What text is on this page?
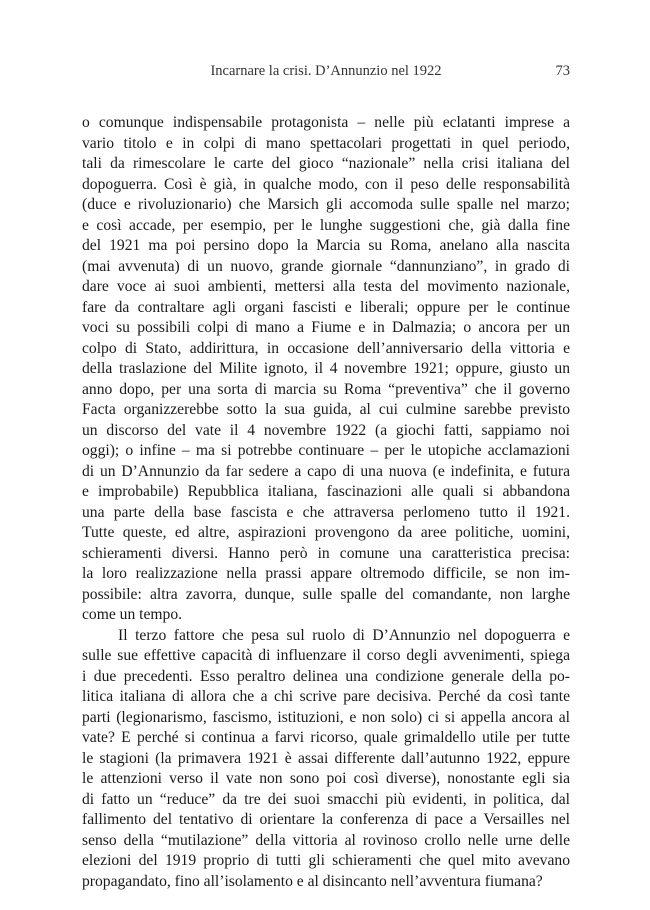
Incarnare la crisi. D’Annunzio nel 1922	73
o comunque indispensabile protagonista – nelle più eclatanti imprese a
vario titolo e in colpi di mano spettacolari progettati in quel periodo,
tali da rimescolare le carte del gioco “nazionale” nella crisi italiana del
dopoguerra. Così è già, in qualche modo, con il peso delle responsabilità
(duce e rivoluzionario) che Marsich gli accomoda sulle spalle nel marzo;
e così accade, per esempio, per le lunghe suggestioni che, già dalla fine
del 1921 ma poi persino dopo la Marcia su Roma, anelano alla nascita
(mai avvenuta) di un nuovo, grande giornale “dannunziano”, in grado di
dare voce ai suoi ambienti, mettersi alla testa del movimento nazionale,
fare da contraltare agli organi fascisti e liberali; oppure per le continue
voci su possibili colpi di mano a Fiume e in Dalmazia; o ancora per un
colpo di Stato, addirittura, in occasione dell’anniversario della vittoria e
della traslazione del Milite ignoto, il 4 novembre 1921; oppure, giusto un
anno dopo, per una sorta di marcia su Roma “preventiva” che il governo
Facta organizzerebbe sotto la sua guida, al cui culmine sarebbe previsto
un discorso del vate il 4 novembre 1922 (a giochi fatti, sappiamo noi
oggi); o infine – ma si potrebbe continuare – per le utopiche acclamazioni
di un D’Annunzio da far sedere a capo di una nuova (e indefinita, e futura
e improbabile) Repubblica italiana, fascinazioni alle quali si abbandona
una parte della base fascista e che attraversa perlomeno tutto il 1921.
Tutte queste, ed altre, aspirazioni provengono da aree politiche, uomini,
schieramenti diversi. Hanno però in comune una caratteristica precisa:
la loro realizzazione nella prassi appare oltremodo difficile, se non im-
possibile: altra zavorra, dunque, sulle spalle del comandante, non larghe
come un tempo.
Il terzo fattore che pesa sul ruolo di D’Annunzio nel dopoguerra e
sulle sue effettive capacità di influenzare il corso degli avvenimenti, spiega
i due precedenti. Esso peraltro delinea una condizione generale della po-
litica italiana di allora che a chi scrive pare decisiva. Perché da così tante
parti (legionarismo, fascismo, istituzioni, e non solo) ci si appella ancora al
vate? E perché si continua a farvi ricorso, quale grimaldello utile per tutte
le stagioni (la primavera 1921 è assai differente dall’autunno 1922, eppure
le attenzioni verso il vate non sono poi così diverse), nonostante egli sia
di fatto un “reduce” da tre dei suoi smacchi più evidenti, in politica, dal
fallimento del tentativo di orientare la conferenza di pace a Versailles nel
senso della “mutilazione” della vittoria al rovinoso crollo nelle urne delle
elezioni del 1919 proprio di tutti gli schieramenti che quel mito avevano
propagandato, fino all’isolamento e al disincanto nell’avventura fiumana?
